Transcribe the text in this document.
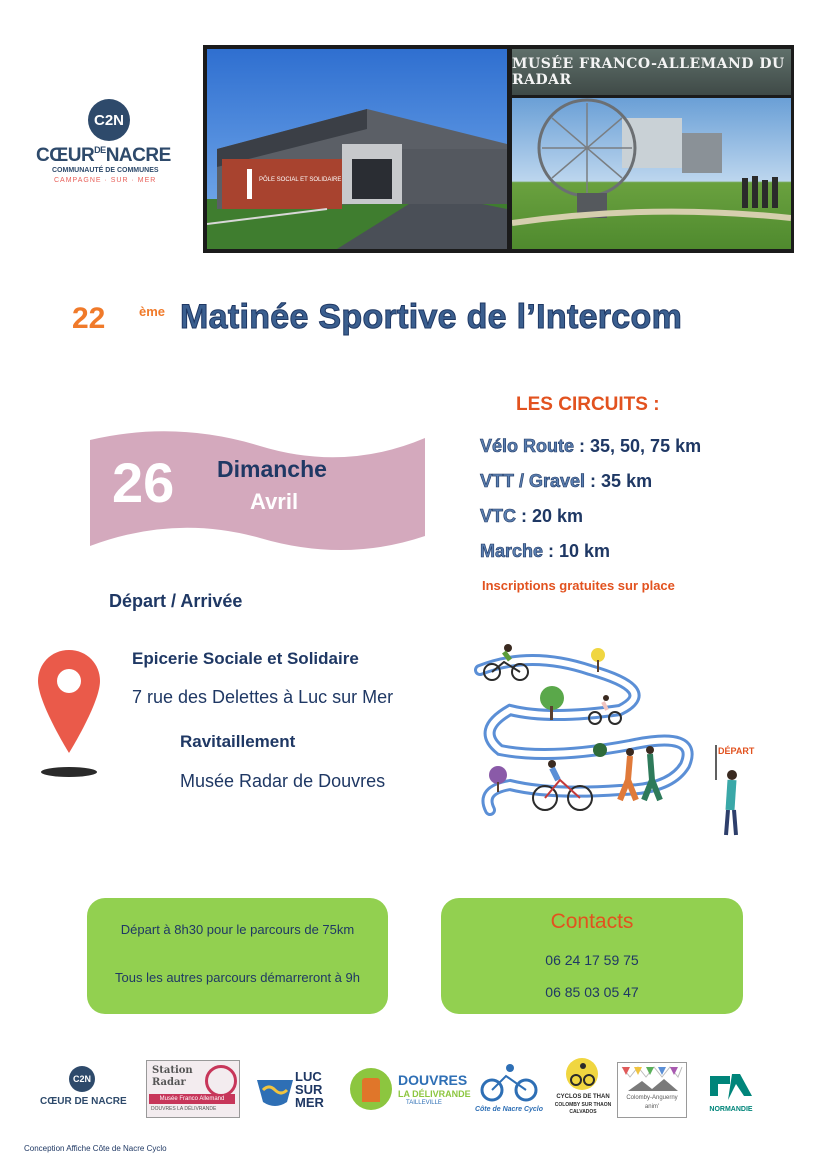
C2N
$CŒUR^{DE}NACRE$
COMMUNAUTÉ DE COMMUNES
CAMPAGNE · SUR · MER	PÔLE SOCIAL ET SOLIDAIRE
MUSÉE FRANCO-ALLEMAND DU RADAR
22	ème Matinée Sportive de l’Intercom
26 Dimanche
Avril
LES CIRCUITS :
Vélo Route : 35, 50, 75 km
VTT / Gravel : 35 km
VTC : 20 km
Marche : 10 km
Inscriptions gratuites sur place
Départ / Arrivée
Epicerie Sociale et Solidaire
7 rue des Delettes à Luc sur Mer
Ravitaillement
Musée Radar de Douvres
DÉPART
Départ à 8h30 pour le parcours de 75km
Tous les autres parcours démarreront à 9h
Contacts
06 24 17 59 75
06 85 03 05 47
C2N
CŒUR DE NACRE
Station
Radar
Musée Franco Allemand
DOUVRES LA DÉLIVRANDE
LUC
SUR
MER
DOUVRES
LA DÉLIVRANDE
TAILLEVILLE
Côte de Nacre Cyclo
CYCLOS DE THAN
COLOMBY SUR THAON
CALVADOS
Colomby-Anguerny
anim'	NORMANDIE
Conception Affiche Côte de Nacre Cyclo
